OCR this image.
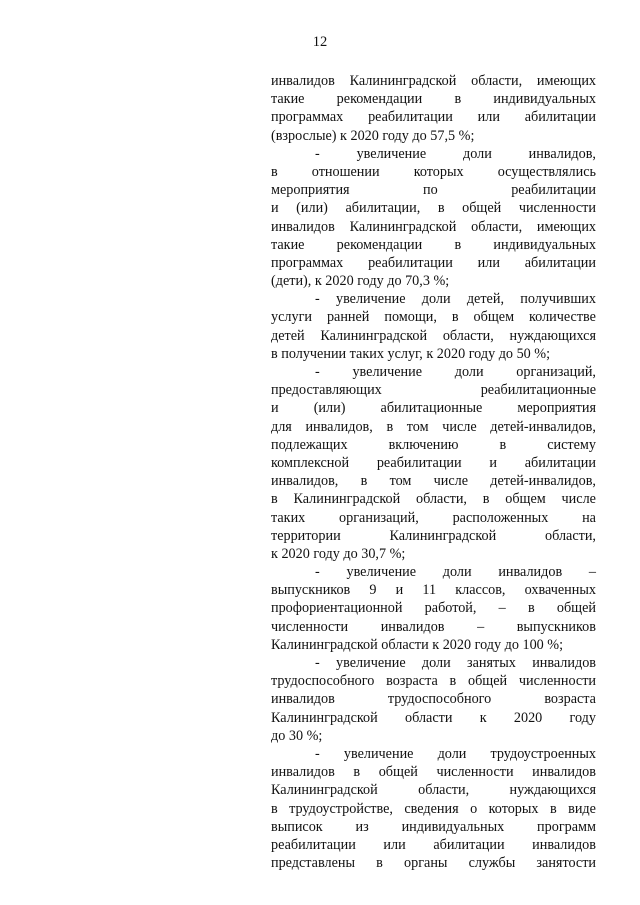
12
инвалидов Калининградской области, имеющих
такие рекомендации в индивидуальных
программах реабилитации или абилитации
(взрослые) к 2020 году до 57,5 %;
-	увеличение	доли	инвалидов,
в отношении которых осуществлялись
мероприятия	по	реабилитации
и (или) абилитации, в общей численности
инвалидов Калининградской области, имеющих
такие рекомендации в индивидуальных
программах реабилитации или абилитации
(дети), к 2020 году до 70,3 %;
- увеличение доли детей, получивших
услуги ранней помощи, в общем количестве
детей Калининградской области, нуждающихся
в получении таких услуг, к 2020 году до 50 %;
- увеличение доли организаций,
предоставляющих	реабилитационные
и (или) абилитационные мероприятия
для инвалидов, в том числе детей-инвалидов,
подлежащих	включению	в	систему
комплексной реабилитации и абилитации
инвалидов, в том числе детей-инвалидов,
в Калининградской области, в общем числе
таких организаций, расположенных на
территории	Калининградской	области,
к 2020 году до 30,7 %;
- увеличение доли инвалидов –
выпускников 9 и 11 классов, охваченных
профориентационной работой, – в общей
численности инвалидов – выпускников
Калининградской области к 2020 году до 100 %;
- увеличение доли занятых инвалидов
трудоспособного возраста в общей численности
инвалидов	трудоспособного	возраста
Калининградской области к 2020 году
до 30 %;
- увеличение доли трудоустроенных
инвалидов в общей численности инвалидов
Калининградской	области,	нуждающихся
в трудоустройстве, сведения о которых в виде
выписок из индивидуальных программ
реабилитации или абилитации инвалидов
представлены в органы службы занятости
